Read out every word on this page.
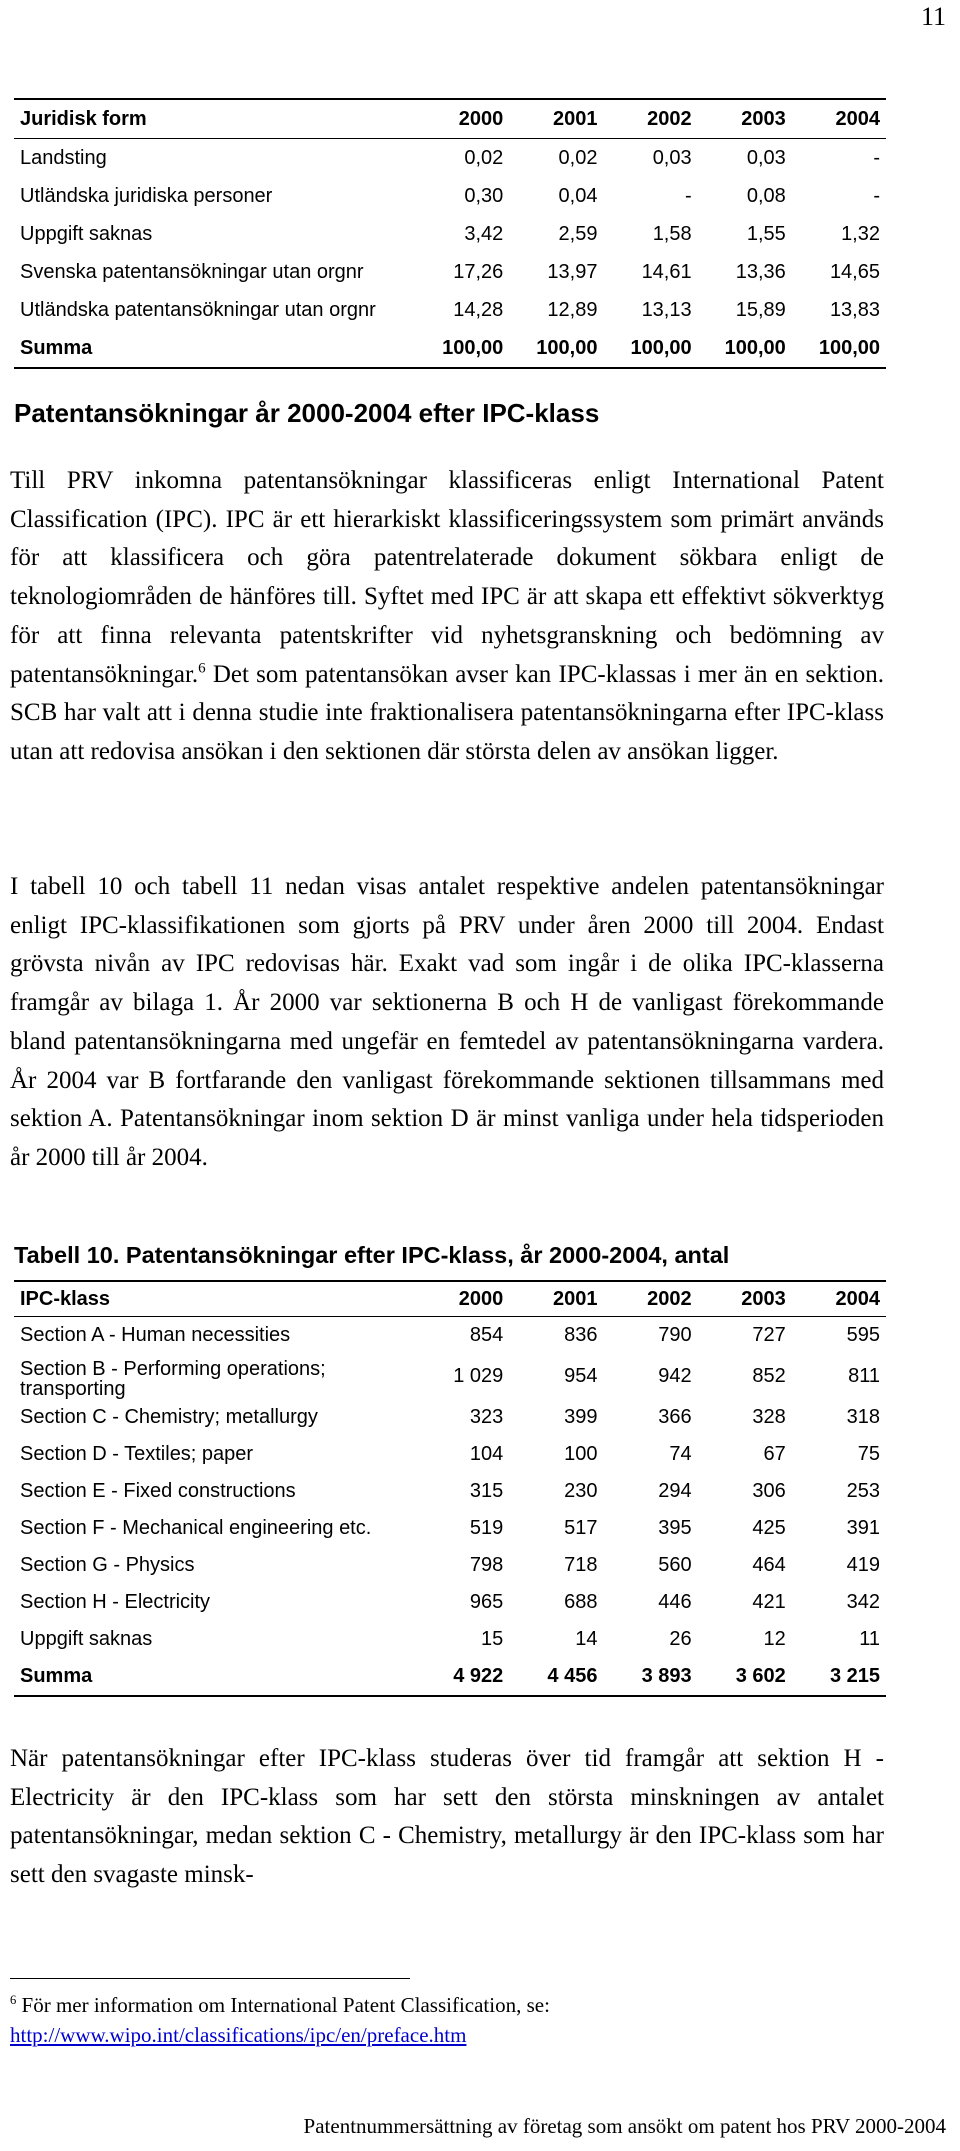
11
Juridisk form	2000	2001	2002	2003	2004
Landsting	0,02	0,02	0,03	0,03	-
Utländska juridiska personer	0,30	0,04	-	0,08	-
Uppgift saknas	3,42	2,59	1,58	1,55	1,32
Svenska patentansökningar utan orgnr	17,26	13,97	14,61	13,36	14,65
Utländska patentansökningar utan orgnr	14,28	12,89	13,13	15,89	13,83
Summa	100,00	100,00	100,00	100,00	100,00
Patentansökningar år 2000-2004 efter IPC-klass

Till PRV inkomna patentansökningar klassificeras enligt International Patent Classification (IPC). IPC är ett hierarkiskt klassificeringssystem som primärt används för att klassificera och göra patentrelaterade dokument sökbara enligt de teknologiområden de hänföres till. Syftet med IPC är att skapa ett effektivt sökverktyg för att finna relevanta patentskrifter vid nyhetsgranskning och bedömning av patentansökningar.$^6$ Det som patentansökan avser kan IPC-klassas i mer än en sektion. SCB har valt att i denna studie inte fraktionalisera patentansökningarna efter IPC-klass utan att redovisa ansökan i den sektionen där största delen av ansökan ligger.

I tabell 10 och tabell 11 nedan visas antalet respektive andelen patentansökningar enligt IPC-klassifikationen som gjorts på PRV under åren 2000 till 2004. Endast grövsta nivån av IPC redovisas här. Exakt vad som ingår i de olika IPC-klasserna framgår av bilaga 1. År 2000 var sektionerna B och H de vanligast förekommande bland patentansökningarna med ungefär en femtedel av patentansökningarna vardera. År 2004 var B fortfarande den vanligast förekommande sektionen tillsammans med sektion A. Patentansökningar inom sektion D är minst vanliga under hela tidsperioden år 2000 till år 2004.

Tabell 10. Patentansökningar efter IPC-klass, år 2000-2004, antal
IPC-klass	2000	2001	2002	2003	2004
Section A - Human necessities	854	836	790	727	595
Section B - Performing operations; transporting	1 029	954	942	852	811
Section C - Chemistry; metallurgy	323	399	366	328	318
Section D - Textiles; paper	104	100	74	67	75
Section E - Fixed constructions	315	230	294	306	253
Section F - Mechanical engineering etc.	519	517	395	425	391
Section G - Physics	798	718	560	464	419
Section H - Electricity	965	688	446	421	342
Uppgift saknas	15	14	26	12	11
Summa	4 922	4 456	3 893	3 602	3 215

När patentansökningar efter IPC-klass studeras över tid framgår att sektion H - Electricity är den IPC-klass som har sett den största minskningen av antalet patentansökningar, medan sektion C - Chemistry, metallurgy är den IPC-klass som har sett den svagaste minsk-

$^6$ För mer information om International Patent Classification, se:
http://www.wipo.int/classifications/ipc/en/preface.htm
Patentnummersättning av företag som ansökt om patent hos PRV 2000-2004
